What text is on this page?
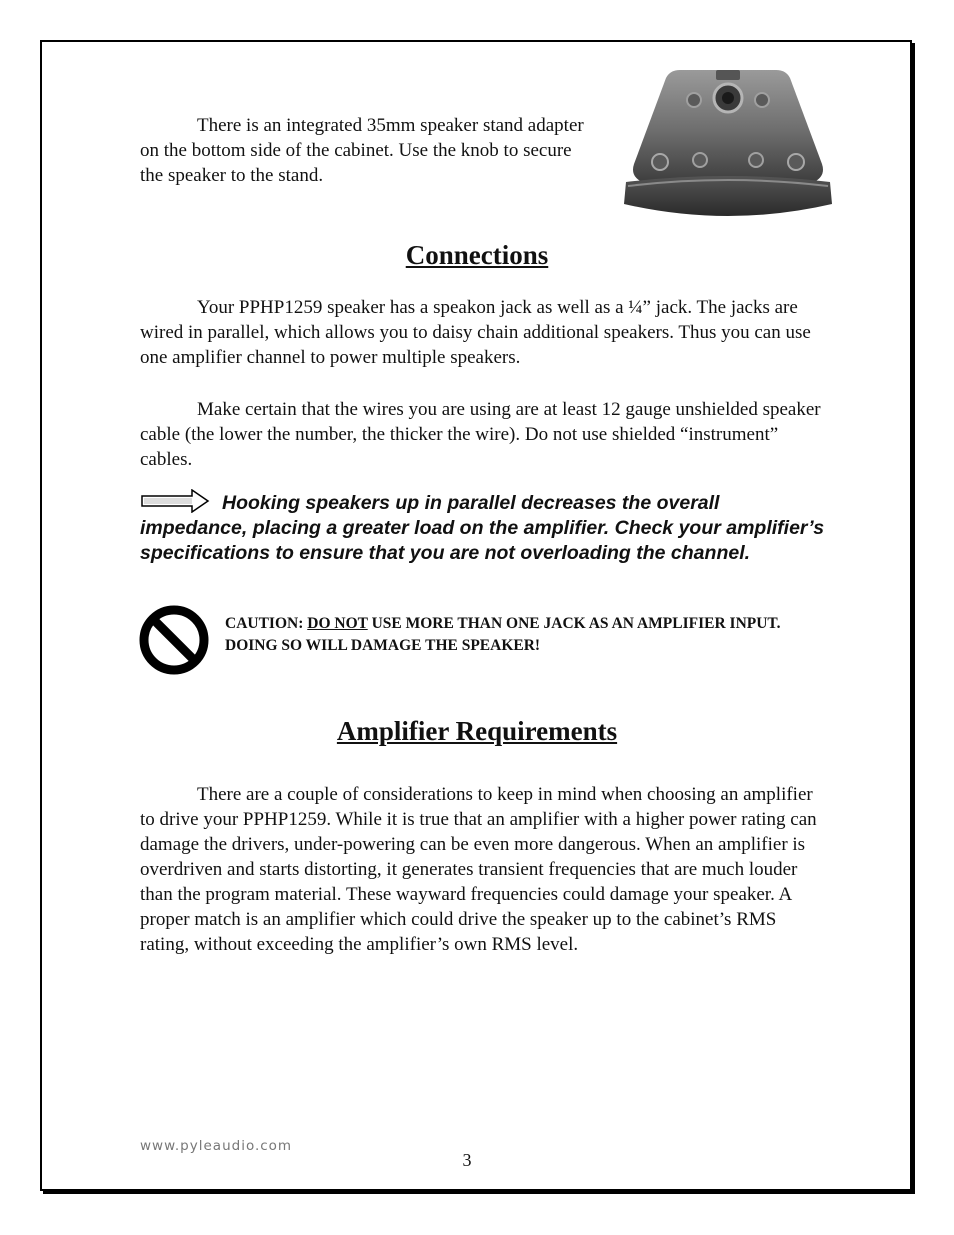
There is an integrated 35mm speaker stand adapter on the bottom side of the cabinet. Use the knob to secure the speaker to the stand.

Connections

Your PPHP1259 speaker has a speakon jack as well as a ¼” jack. The jacks are wired in parallel, which allows you to daisy chain additional speakers. Thus you can use one amplifier channel to power multiple speakers.

Make certain that the wires you are using are at least 12 gauge unshielded speaker cable (the lower the number, the thicker the wire). Do not use shielded “instrument” cables.

Hooking speakers up in parallel decreases the overall impedance, placing a greater load on the amplifier. Check your amplifier’s specifications to ensure that you are not overloading the channel.

CAUTION: DO NOT USE MORE THAN ONE JACK AS AN AMPLIFIER INPUT. DOING SO WILL DAMAGE THE SPEAKER!

Amplifier Requirements

There are a couple of considerations to keep in mind when choosing an amplifier to drive your PPHP1259. While it is true that an amplifier with a higher power rating can damage the drivers, under-powering can be even more dangerous. When an amplifier is overdriven and starts distorting, it generates transient frequencies that are much louder than the program material. These wayward frequencies could damage your speaker. A proper match is an amplifier which could drive the speaker up to the cabinet’s RMS rating, without exceeding the amplifier’s own RMS level.

www.pyleaudio.com

3
